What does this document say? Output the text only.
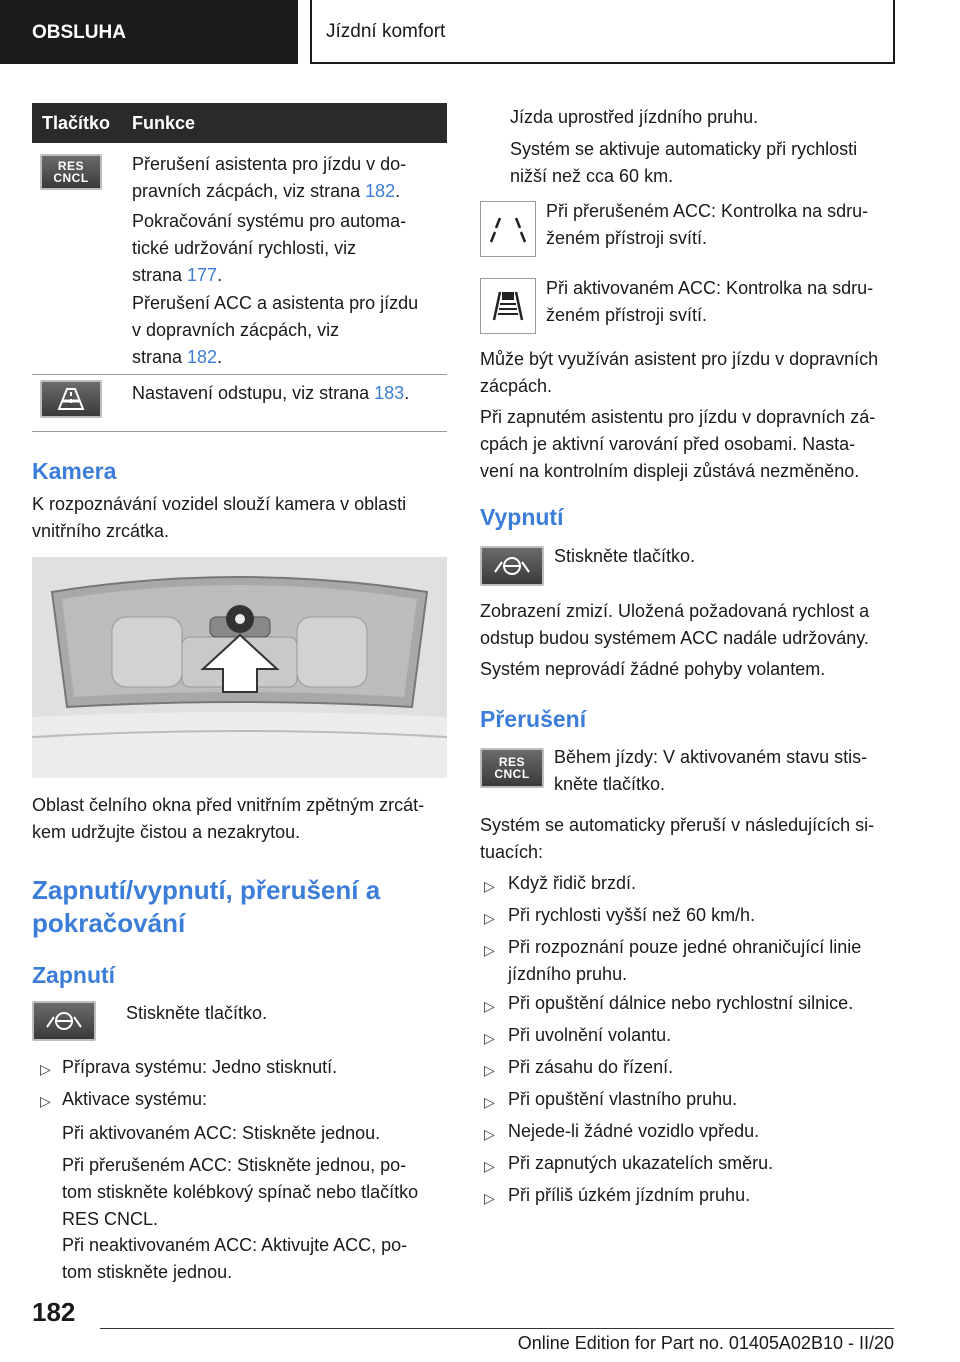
OBSLUHA	Jízdní komfort
Tlačítko Funkce
RES
CNCL

Přerušení asistenta pro jízdu v do-
pravních zácpách, viz strana 182.

Pokračování systému pro automa-
tické udržování rychlosti, viz
strana 177.

Přerušení ACC a asistenta pro jízdu
v dopravních zácpách, viz
strana 182.

Nastavení odstupu, viz strana 183.

Kamera

K rozpoznávání vozidel slouží kamera v oblasti
vnitřního zrcátka.

Oblast čelního okna před vnitřním zpětným zrcát-
kem udržujte čistou a nezakrytou.

Zapnutí/vypnutí, přerušení a
pokračování
Zapnutí

Stiskněte tlačítko.

▷ Příprava systému: Jedno stisknutí.

▷ Aktivace systému:

Při aktivovaném ACC: Stiskněte jednou.

Při přerušeném ACC: Stiskněte jednou, po-
tom stiskněte kolébkový spínač nebo tlačítko
RES CNCL.

Při neaktivovaném ACC: Aktivujte ACC, po-
tom stiskněte jednou.

Jízda uprostřed jízdního pruhu.

Systém se aktivuje automaticky při rychlosti
nižší než cca 60 km.

Při přerušeném ACC: Kontrolka na sdru-
ženém přístroji svítí.

Při aktivovaném ACC: Kontrolka na sdru-
ženém přístroji svítí.

Může být využíván asistent pro jízdu v dopravních
zácpách.

Při zapnutém asistentu pro jízdu v dopravních zá-
cpách je aktivní varování před osobami. Nasta-
vení na kontrolním displeji zůstává nezměněno.

Vypnutí

Stiskněte tlačítko.

Zobrazení zmizí. Uložená požadovaná rychlost a
odstup budou systémem ACC nadále udržovány.

Systém neprovádí žádné pohyby volantem.

Přerušení
RES
CNCL

Během jízdy: V aktivovaném stavu stis-
kněte tlačítko.

Systém se automaticky přeruší v následujících si-
tuacích:

▷ Když řidič brzdí.

▷ Při rychlosti vyšší než 60 km/h.

▷ Při rozpoznání pouze jedné ohraničující linie
jízdního pruhu.

▷ Při opuštění dálnice nebo rychlostní silnice.

▷ Při uvolnění volantu.

▷ Při zásahu do řízení.

▷ Při opuštění vlastního pruhu.

▷ Nejede-li žádné vozidlo vpředu.

▷ Při zapnutých ukazatelích směru.

▷ Při příliš úzkém jízdním pruhu.

182
Online Edition for Part no. 01405A02B10 - II/20
